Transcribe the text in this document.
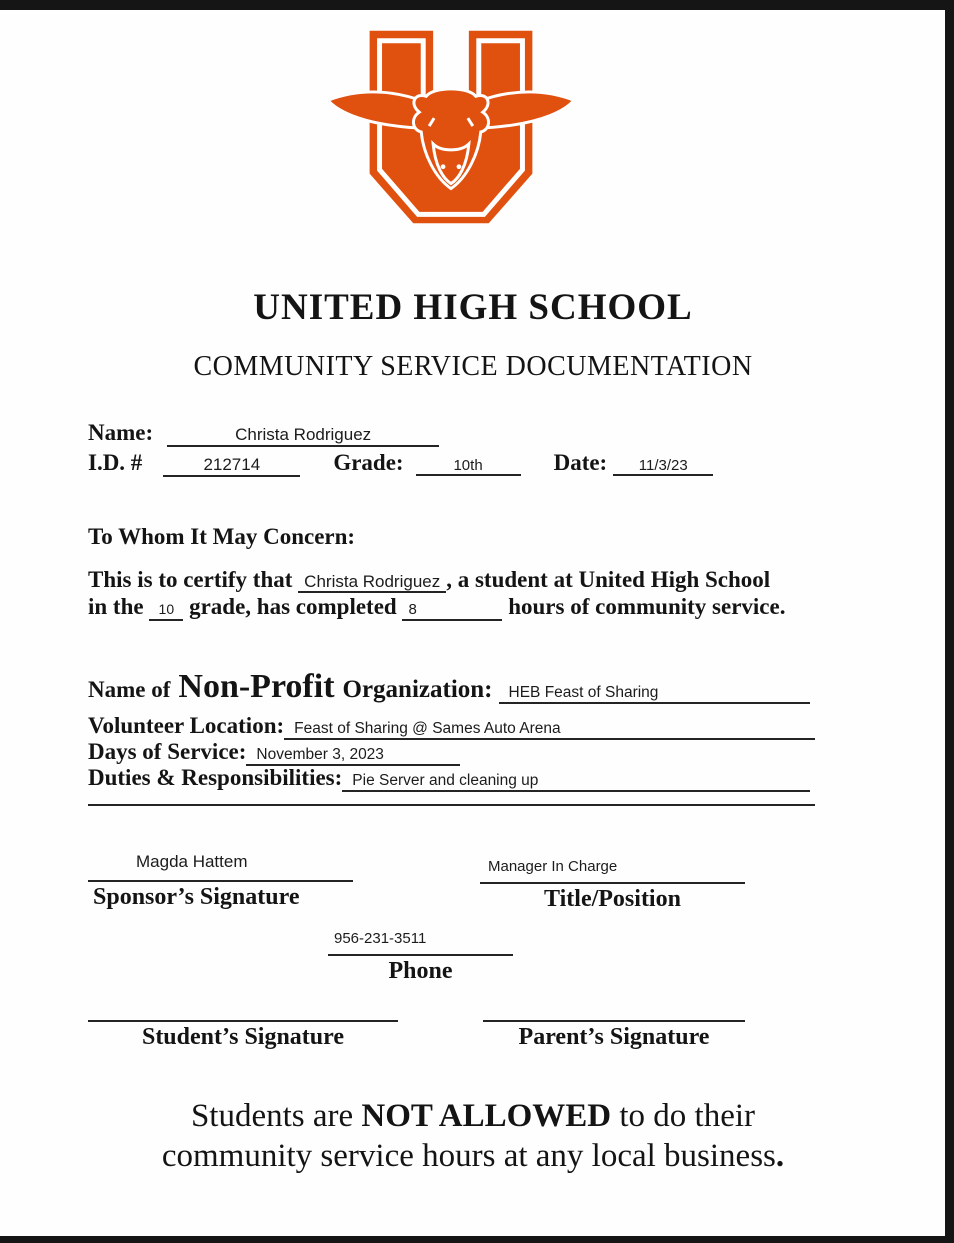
UNITED HIGH SCHOOL
COMMUNITY SERVICE DOCUMENTATION
Name:	Christa Rodriguez
I.D. #	212714	Grade:	10th	Date:	11/3/23
To Whom It May Concern:
This is to certify that Christa Rodriguez , a student at United High School
in the 10 grade, has completed 8	hours of community service.
Name of Non-Profit Organization:	HEB Feast of Sharing
Volunteer Location: Feast of Sharing @ Sames Auto Arena
Days of Service: November 3, 2023
Duties & Responsibilities: Pie Server and cleaning up
Magda Hattem
Sponsor’s Signature
Manager In Charge
Title/Position
956-231-3511
Phone
Student’s Signature	Parent’s Signature
Students are NOT ALLOWED to do their
community service hours at any local business.
